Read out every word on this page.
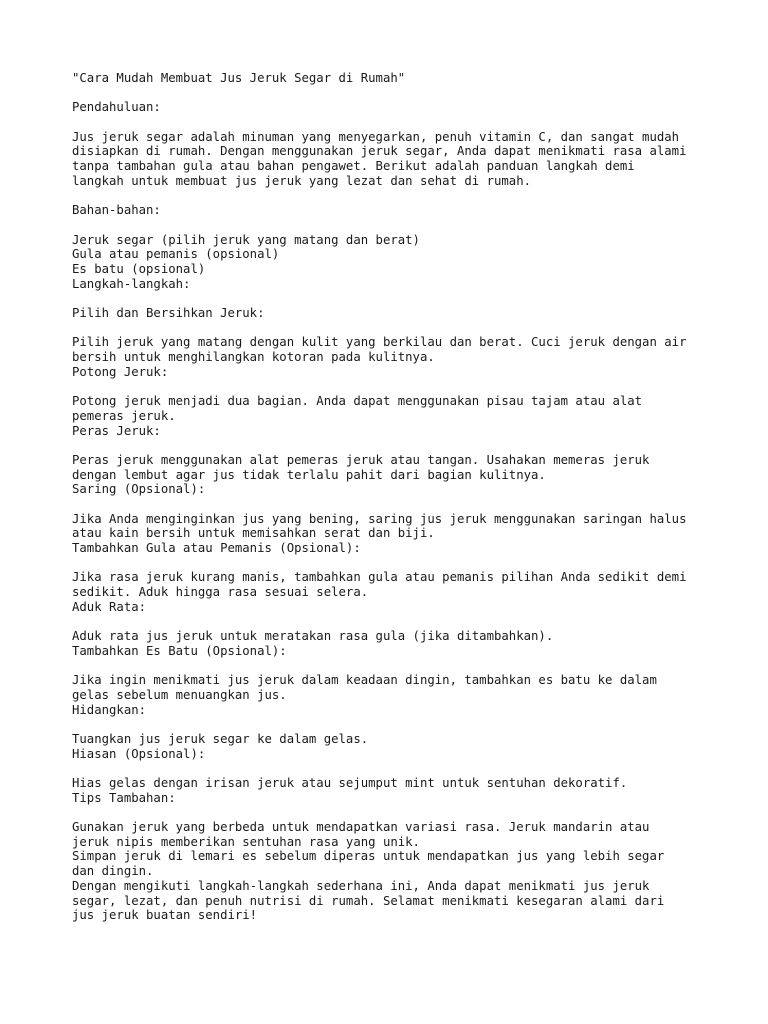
"Cara Mudah Membuat Jus Jeruk Segar di Rumah"
Pendahuluan:
Jus jeruk segar adalah minuman yang menyegarkan, penuh vitamin C, dan sangat mudah
disiapkan di rumah. Dengan menggunakan jeruk segar, Anda dapat menikmati rasa alami
tanpa tambahan gula atau bahan pengawet. Berikut adalah panduan langkah demi
langkah untuk membuat jus jeruk yang lezat dan sehat di rumah.
Bahan-bahan:
Jeruk segar (pilih jeruk yang matang dan berat)
Gula atau pemanis (opsional)
Es batu (opsional)
Langkah-langkah:
Pilih dan Bersihkan Jeruk:
Pilih jeruk yang matang dengan kulit yang berkilau dan berat. Cuci jeruk dengan air
bersih untuk menghilangkan kotoran pada kulitnya.
Potong Jeruk:
Potong jeruk menjadi dua bagian. Anda dapat menggunakan pisau tajam atau alat
pemeras jeruk.
Peras Jeruk:
Peras jeruk menggunakan alat pemeras jeruk atau tangan. Usahakan memeras jeruk
dengan lembut agar jus tidak terlalu pahit dari bagian kulitnya.
Saring (Opsional):
Jika Anda menginginkan jus yang bening, saring jus jeruk menggunakan saringan halus
atau kain bersih untuk memisahkan serat dan biji.
Tambahkan Gula atau Pemanis (Opsional):
Jika rasa jeruk kurang manis, tambahkan gula atau pemanis pilihan Anda sedikit demi
sedikit. Aduk hingga rasa sesuai selera.
Aduk Rata:
Aduk rata jus jeruk untuk meratakan rasa gula (jika ditambahkan).
Tambahkan Es Batu (Opsional):
Jika ingin menikmati jus jeruk dalam keadaan dingin, tambahkan es batu ke dalam
gelas sebelum menuangkan jus.
Hidangkan:
Tuangkan jus jeruk segar ke dalam gelas.
Hiasan (Opsional):
Hias gelas dengan irisan jeruk atau sejumput mint untuk sentuhan dekoratif.
Tips Tambahan:
Gunakan jeruk yang berbeda untuk mendapatkan variasi rasa. Jeruk mandarin atau
jeruk nipis memberikan sentuhan rasa yang unik.
Simpan jeruk di lemari es sebelum diperas untuk mendapatkan jus yang lebih segar
dan dingin.
Dengan mengikuti langkah-langkah sederhana ini, Anda dapat menikmati jus jeruk
segar, lezat, dan penuh nutrisi di rumah. Selamat menikmati kesegaran alami dari
jus jeruk buatan sendiri!
